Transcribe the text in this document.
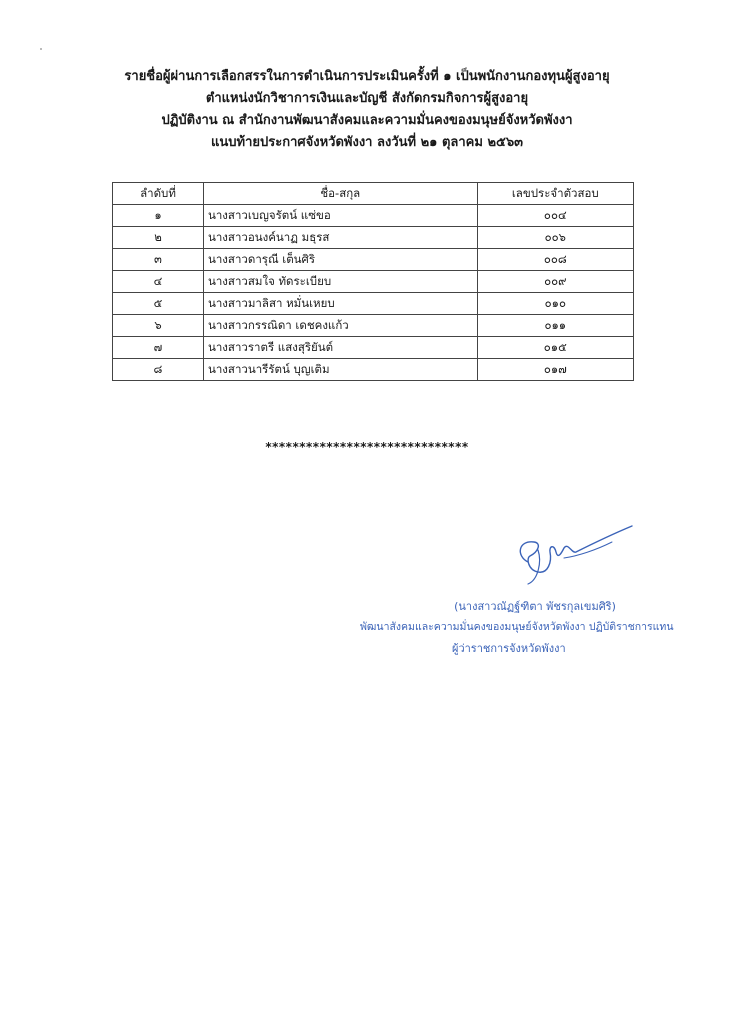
รายชื่อผู้ผ่านการเลือกสรรในการดำเนินการประเมินครั้งที่ ๑ เป็นพนักงานกองทุนผู้สูงอายุ
ตำแหน่งนักวิชาการเงินและบัญชี สังกัดกรมกิจการผู้สูงอายุ
ปฏิบัติงาน ณ สำนักงานพัฒนาสังคมและความมั่นคงของมนุษย์จังหวัดพังงา
แนบท้ายประกาศจังหวัดพังงา ลงวันที่ ๒๑ ตุลาคม ๒๕๖๓
ลำดับที่	ชื่อ-สกุล	เลขประจำตัวสอบ
๑	นางสาวเบญจรัตน์ แซ่ขอ	๐๐๔
๒	นางสาวอนงค์นาฏ มธุรส	๐๐๖
๓	นางสาวดารุณี เต็นศิริ	๐๐๘
๔	นางสาวสมใจ ทัดระเบียบ	๐๐๙
๕	นางสาวมาลิสา หมั่นเหยบ	๐๑๐
๖	นางสาวกรรณิดา เดชคงแก้ว	๐๑๑
๗	นางสาวราตรี แสงสุริยันต์	๐๑๕
๘	นางสาวนารีรัตน์ บุญเติม	๐๑๗
******************************
(นางสาวณัฏฐ์ฑิตา พัชรกุลเขมศิริ)
พัฒนาสังคมและความมั่นคงของมนุษย์จังหวัดพังงา ปฏิบัติราชการแทน
ผู้ว่าราชการจังหวัดพังงา
